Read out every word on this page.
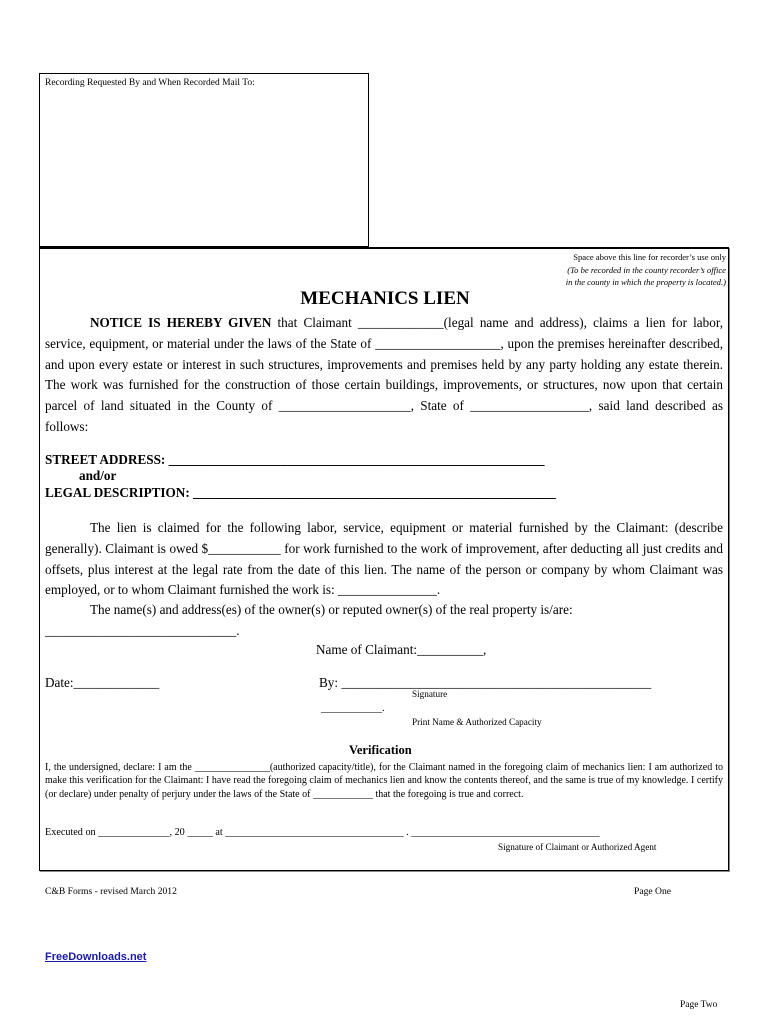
Recording Requested By and When Recorded Mail To:
Space above this line for recorder’s use only
(To be recorded in the county recorder’s office
in the county in which the property is located.)
MECHANICS LIEN
NOTICE IS HEREBY GIVEN that Claimant _____________(legal name and address), claims a lien for labor, service, equipment, or material under the laws of the State of ___________________, upon the premises hereinafter described, and upon every estate or interest in such structures, improvements and premises held by any party holding any estate therein. The work was furnished for the construction of those certain buildings, improvements, or structures, now upon that certain parcel of land situated in the County of ____________________, State of __________________, said land described as follows:
STREET ADDRESS: _________________________________________________________
and/or
LEGAL DESCRIPTION: _______________________________________________________
The lien is claimed for the following labor, service, equipment or material furnished by the Claimant: (describe generally). Claimant is owed $___________ for work furnished to the work of improvement, after deducting all just credits and offsets, plus interest at the legal rate from the date of this lien. The name of the person or company by whom Claimant was employed, or to whom Claimant furnished the work is: _______________.
The name(s) and address(es) of the owner(s) or reputed owner(s) of the real property is/are:
_____________________________.
Name of Claimant:__________,
Date:_____________	By: _______________________________________________
Signature
____________.
Print Name & Authorized Capacity
Verification
I, the undersigned, declare: I am the _______________(authorized capacity/title), for the Claimant named in the foregoing claim of mechanics lien: I am authorized to make this verification for the Claimant: I have read the foregoing claim of mechanics lien and know the contents thereof, and the same is true of my knowledge. I certify (or declare) under penalty of perjury under the laws of the State of ____________ that the foregoing is true and correct.
Executed on ______________, 20 _____ at ___________________________________ . _____________________________________
Signature of Claimant or Authorized Agent
C&B Forms - revised March 2012	Page One
FreeDownloads.net
Page Two
